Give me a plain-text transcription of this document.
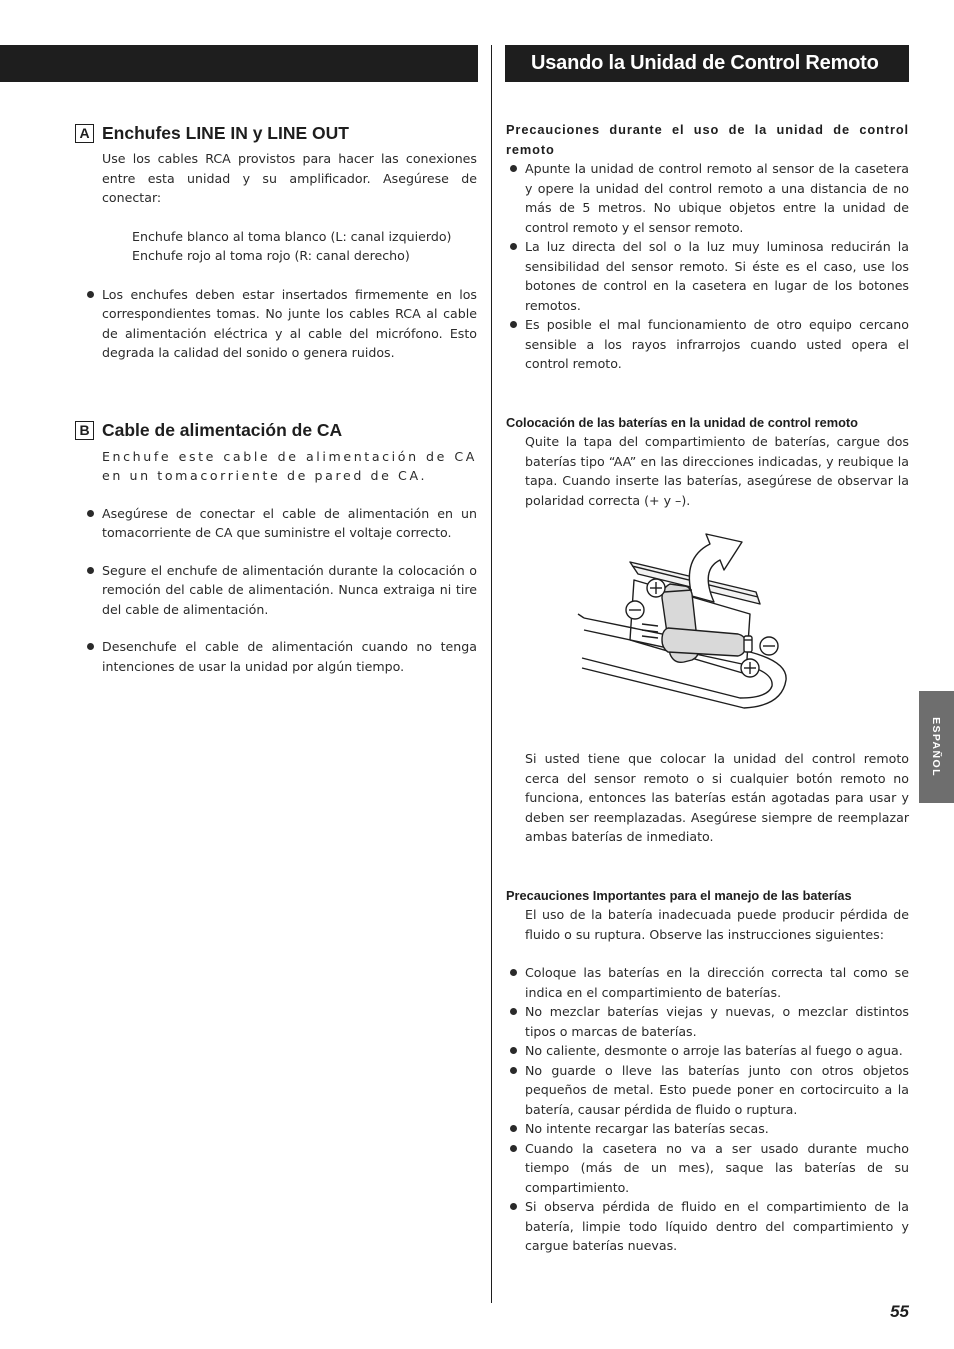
Usando la Unidad de Control Remoto
A Enchufes LINE IN y LINE OUT
Use los cables RCA provistos para hacer las conexiones entre esta unidad y su amplificador. Asegúrese de conectar:
Enchufe blanco al toma blanco (L: canal izquierdo)
Enchufe rojo al toma rojo (R: canal derecho)
Los enchufes deben estar insertados firmemente en los correspondientes tomas. No junte los cables RCA al cable de alimentación eléctrica y al cable del micrófono. Esto degrada la calidad del sonido o genera ruidos.
B Cable de alimentación de CA
Enchufe este cable de alimentación de CA en un tomacorriente de pared de CA.
Asegúrese de conectar el cable de alimentación en un tomacorriente de CA que suministre el voltaje correcto.
Segure el enchufe de alimentación durante la colocación o remoción del cable de alimentación. Nunca extraiga ni tire del cable de alimentación.
Desenchufe el cable de alimentación cuando no tenga intenciones de usar la unidad por algún tiempo.
Precauciones durante el uso de la unidad de control remoto
Apunte la unidad de control remoto al sensor de la casetera y opere la unidad del control remoto a una distancia de no más de 5 metros. No ubique objetos entre la unidad de control remoto y el sensor remoto.
La luz directa del sol o la luz muy luminosa reducirán la sensibilidad del sensor remoto. Si éste es el caso, use los botones de control en la casetera en lugar de los botones remotos.
Es posible el mal funcionamiento de otro equipo cercano sensible a los rayos infrarrojos cuando usted opera el control remoto.
Colocación de las baterías en la unidad de control remoto
Quite la tapa del compartimiento de baterías, cargue dos baterías tipo “AA” en las direcciones indicadas, y reubique la tapa. Cuando inserte las baterías, asegúrese de observar la polaridad correcta (+ y –).
Si usted tiene que colocar la unidad del control remoto cerca del sensor remoto o si cualquier botón remoto no funciona, entonces las baterías están agotadas para usar y deben ser reemplazadas. Asegúrese siempre de reemplazar ambas baterías de inmediato.
Precauciones Importantes para el manejo de las baterías
El uso de la batería inadecuada puede producir pérdida de fluido o su ruptura. Observe las instrucciones siguientes:
Coloque las baterías en la dirección correcta tal como se indica en el compartimiento de baterías.
No mezclar baterías viejas y nuevas, o mezclar distintos tipos o marcas de baterías.
No caliente, desmonte o arroje las baterías al fuego o agua.
No guarde o lleve las baterías junto con otros objetos pequeños de metal. Esto puede poner en cortocircuito a la batería, causar pérdida de fluido o ruptura.
No intente recargar las baterías secas.
Cuando la casetera no va a ser usado durante mucho tiempo (más de un mes), saque las baterías de su compartimiento.
Si observa pérdida de fluido en el compartimiento de la batería, limpie todo líquido dentro del compartimiento y cargue baterías nuevas.
ESPAÑOL
55
